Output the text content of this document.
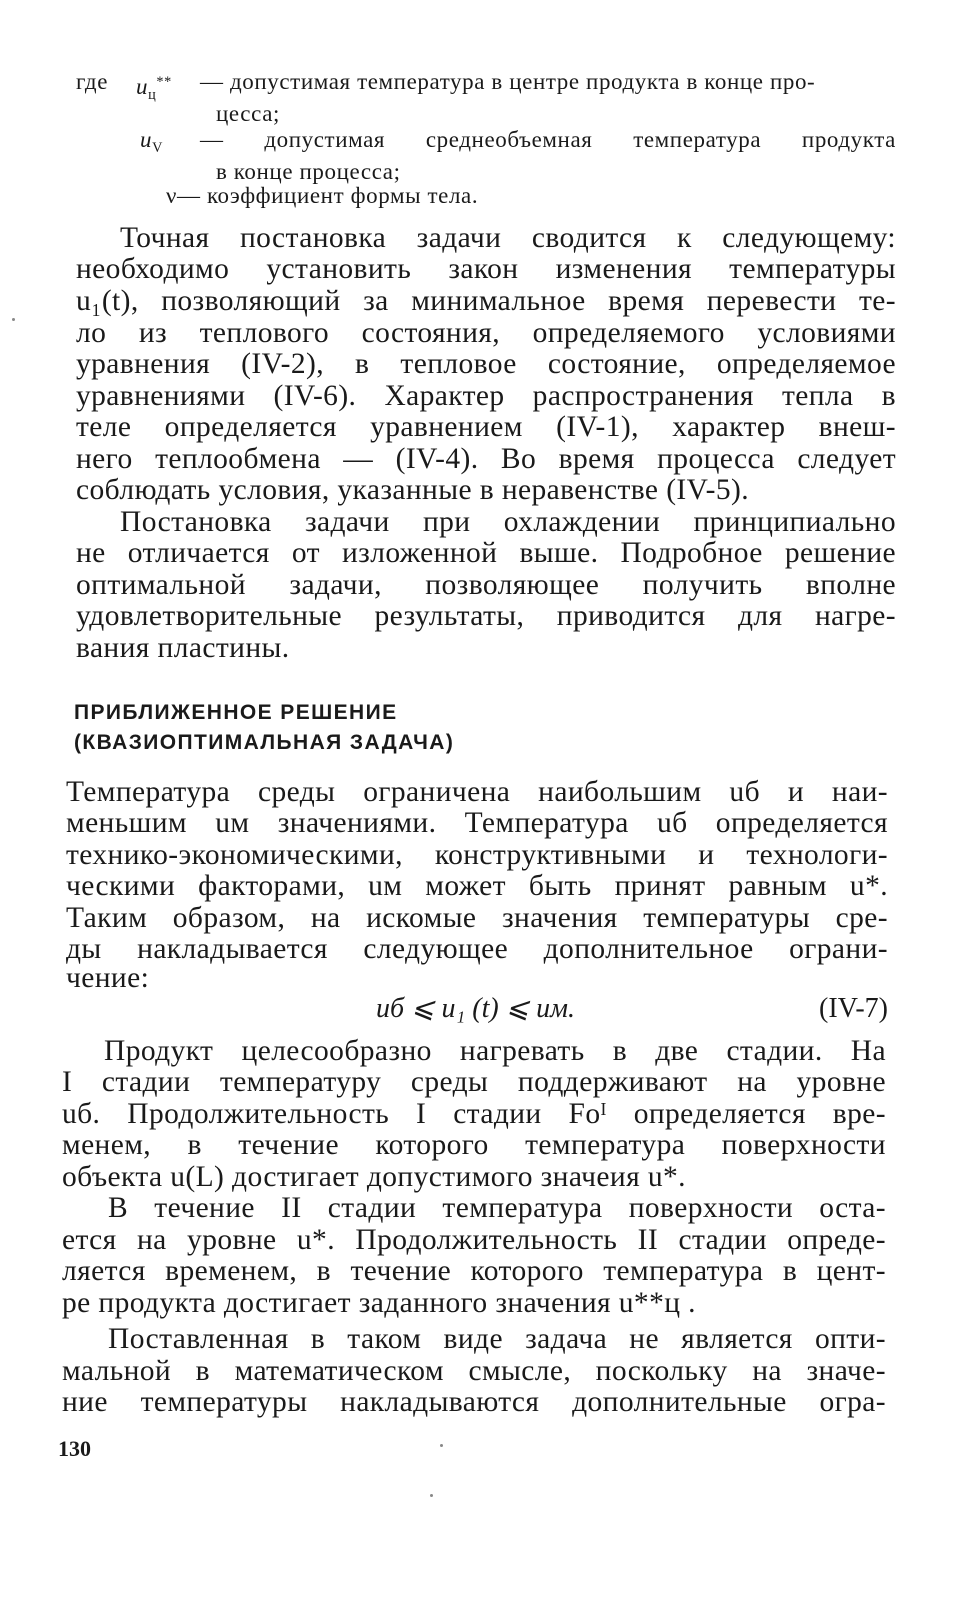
где $u_ц^{**}$ — допустимая температура в центре продукта в конце про-
цесса;
$u_V$ — допустимая среднеобъемная температура продукта
в конце процесса;
ν— коэффициент формы тела.
Точная постановка задачи сводится к следующему:
необходимо установить закон изменения температуры
u₁(t), позволяющий за минимальное время перевести те-
ло из теплового состояния, определяемого условиями
уравнения (IV-2), в тепловое состояние, определяемое
уравнениями (IV-6). Характер распространения тепла в
теле определяется уравнением (IV-1), характер внеш-
него теплообмена — (IV-4). Во время процесса следует
соблюдать условия, указанные в неравенстве (IV-5).
Постановка задачи при охлаждении принципиально
не отличается от изложенной выше. Подробное решение
оптимальной задачи, позволяющее получить вполне
удовлетворительные результаты, приводится для нагре-
вания пластины.
ПРИБЛИЖЕННОЕ РЕШЕНИЕ
(КВАЗИОПТИМАЛЬНАЯ ЗАДАЧА)
Температура среды ограничена наибольшим uб и наи-
меньшим uм значениями. Температура uб определяется
технико-экономическими, конструктивными и технологи-
ческими факторами, uм может быть принят равным u*.
Таким образом, на искомые значения температуры сре-
ды накладывается следующее дополнительное ограни-
чение:
uб ⩽ u₁ (t) ⩽ uм.	(IV-7)
Продукт целесообразно нагревать в две стадии. На
I стадии температуру среды поддерживают на уровне
uб. Продолжительность I стадии Foᴵ определяется вре-
менем, в течение которого температура поверхности
объекта u(L) достигает допустимого значеия u*.
В течение II стадии температура поверхности оста-
ется на уровне u*. Продолжительность II стадии опреде-
ляется временем, в течение которого температура в цент-
ре продукта достигает заданного значения u**ц .
Поставленная в таком виде задача не является опти-
мальной в математическом смысле, поскольку на значе-
ние температуры накладываются дополнительные огра-
130
